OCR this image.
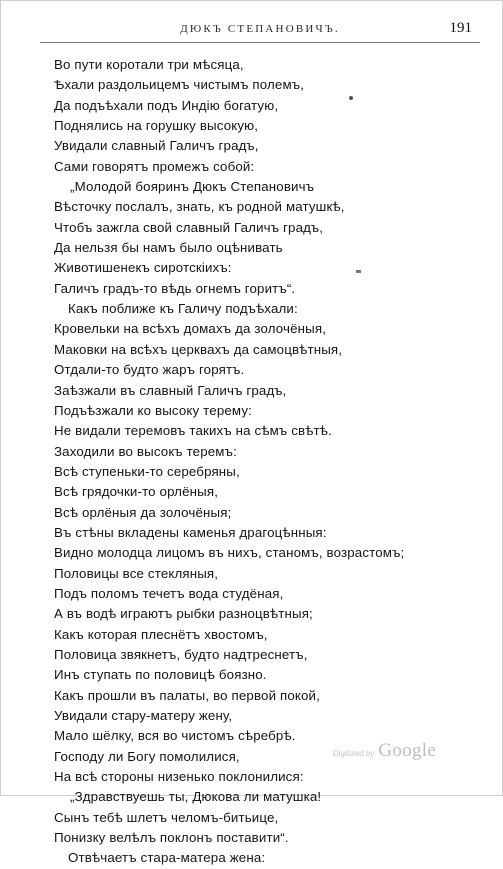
ДЮКЪ СТЕПАНОВИЧЪ.	191
Во пути коротали три мѣсяца,
Ѣхали раздольицемъ чистымъ полемъ,
Да подъѣхали подъ Индію богатую,
Поднялись на горушку высокую,
Увидали славный Галичъ градъ,
Сами говорятъ промежъ собой:
„Молодой бояринъ Дюкъ Степановичъ
Вѣсточку послалъ, знать, къ родной матушкѣ,
Чтобъ зажгла свой славный Галичъ градъ,
Да нельзя бы намъ было оцѣнивать
Животишенекъ сиротскіихъ:
Галичъ градъ-то вѣдь огнемъ горитъ“.
Какъ поближе къ Галичу подъѣхали:
Кровельки на всѣхъ домахъ да золочёныя,
Маковки на всѣхъ церквахъ да самоцвѣтныя,
Отдали-то будто жаръ горятъ.
Заѣзжали въ славный Галичъ градъ,
Подъѣзжали ко высоку терему:
Не видали теремовъ такихъ на сѣмъ свѣтѣ.
Заходили во высокъ теремъ:
Всѣ ступеньки-то серебряны,
Всѣ грядочки-то орлёныя,
Всѣ орлёныя да золочёныя;
Въ стѣны вкладены каменья драгоцѣнныя:
Видно молодца лицомъ въ нихъ, станомъ, возрастомъ;
Половицы все стекляныя,
Подъ поломъ течетъ вода студёная,
А въ водѣ играютъ рыбки разноцвѣтныя;
Какъ которая плеснётъ хвостомъ,
Половица звякнетъ, будто надтреснетъ,
Инъ ступать по половицѣ боязно.
Какъ прошли въ палаты, во первой покой,
Увидали стару-матеру жену,
Мало шёлку, вся во чистомъ сѣребрѣ.
Господу ли Богу помолилися,
На всѣ стороны низенько поклонилися:
„Здравствуешь ты, Дюкова ли матушка!
Сынъ тебѣ шлетъ челомъ-битьице,
Понизку велѣлъ поклонъ поставити“.
Отвѣчаетъ стара-матера жена:
Digitized by Google
